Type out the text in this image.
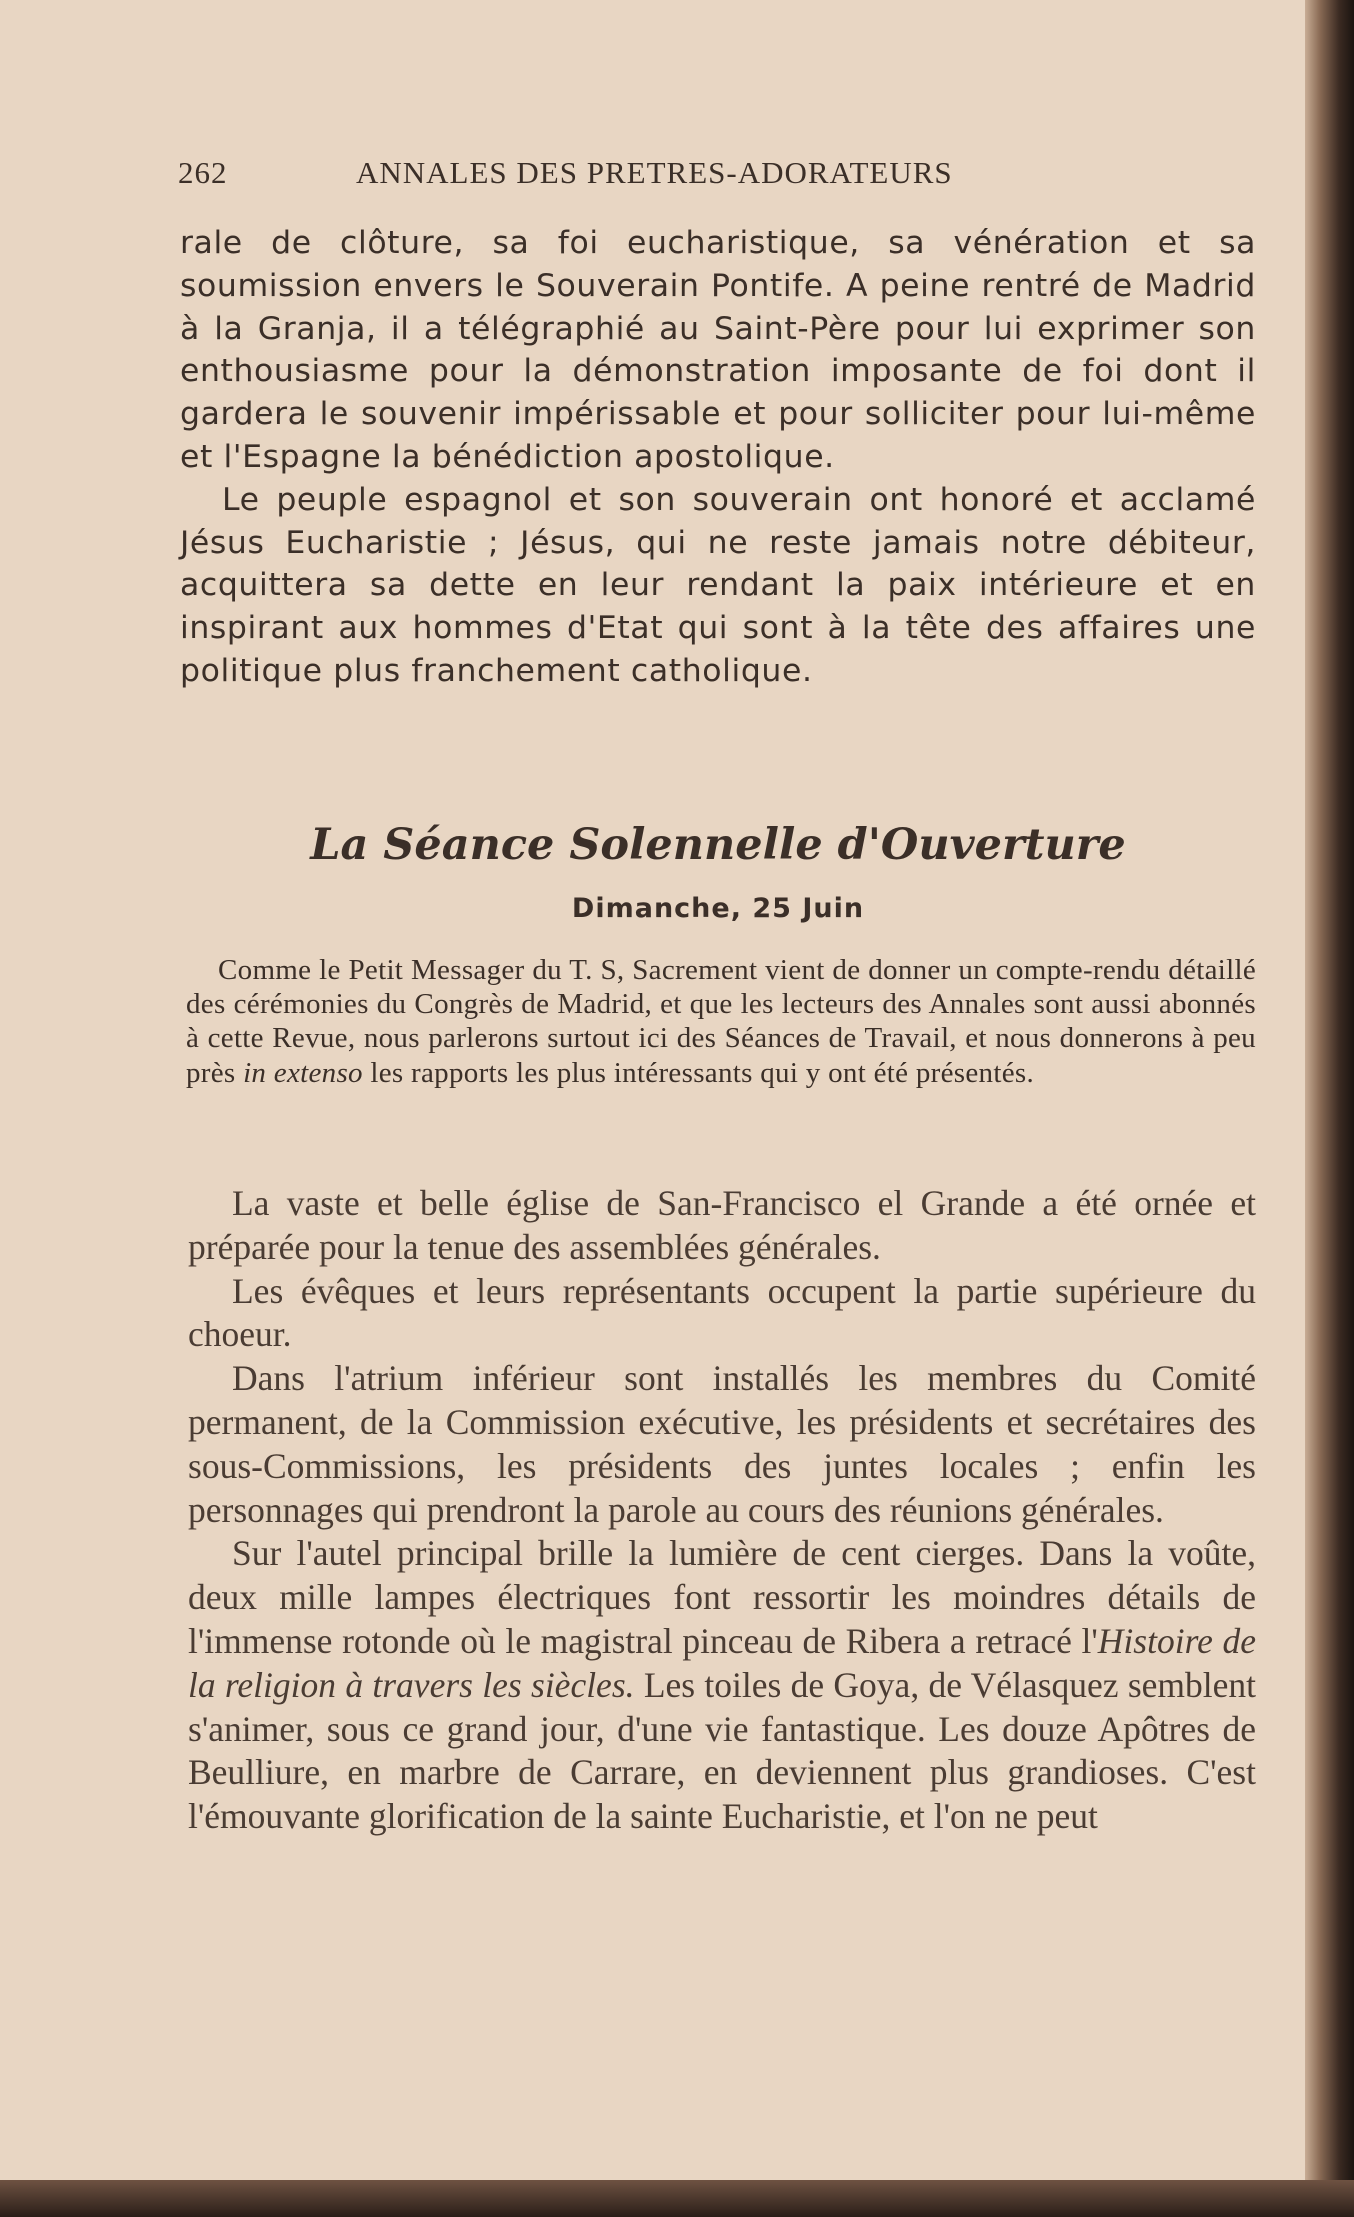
262	ANNALES DES PRETRES-ADORATEURS

rale de clôture, sa foi eucharistique, sa vénération et sa soumission envers le Souverain Pontife. A peine rentré de Madrid à la Granja, il a télégraphié au Saint-Père pour lui exprimer son enthousiasme pour la démonstration imposante de foi dont il gardera le souvenir impérissable et pour solliciter pour lui-même et l'Espagne la bénédiction apostolique.

Le peuple espagnol et son souverain ont honoré et acclamé Jésus Eucharistie ; Jésus, qui ne reste jamais notre débiteur, acquittera sa dette en leur rendant la paix intérieure et en inspirant aux hommes d'Etat qui sont à la tête des affaires une politique plus franchement catholique.

La Séance Solennelle d'Ouverture
Dimanche, 25 Juin

Comme le Petit Messager du T. S, Sacrement vient de donner un compte-rendu détaillé des cérémonies du Congrès de Madrid, et que les lecteurs des Annales sont aussi abonnés à cette Revue, nous parlerons surtout ici des Séances de Travail, et nous donnerons à peu près in extenso les rapports les plus intéressants qui y ont été présentés.

La vaste et belle église de San-Francisco el Grande a été ornée et préparée pour la tenue des assemblées générales.

Les évêques et leurs représentants occupent la partie supérieure du choeur.

Dans l'atrium inférieur sont installés les membres du Comité permanent, de la Commission exécutive, les présidents et secrétaires des sous-Commissions, les présidents des juntes locales ; enfin les personnages qui prendront la parole au cours des réunions générales.

Sur l'autel principal brille la lumière de cent cierges. Dans la voûte, deux mille lampes électriques font ressortir les moindres détails de l'immense rotonde où le magistral pinceau de Ribera a retracé l'Histoire de la religion à travers les siècles. Les toiles de Goya, de Vélasquez semblent s'animer, sous ce grand jour, d'une vie fantastique. Les douze Apôtres de Beulliure, en marbre de Carrare, en deviennent plus grandioses. C'est l'émouvante glorification de la sainte Eucharistie, et l'on ne peut
